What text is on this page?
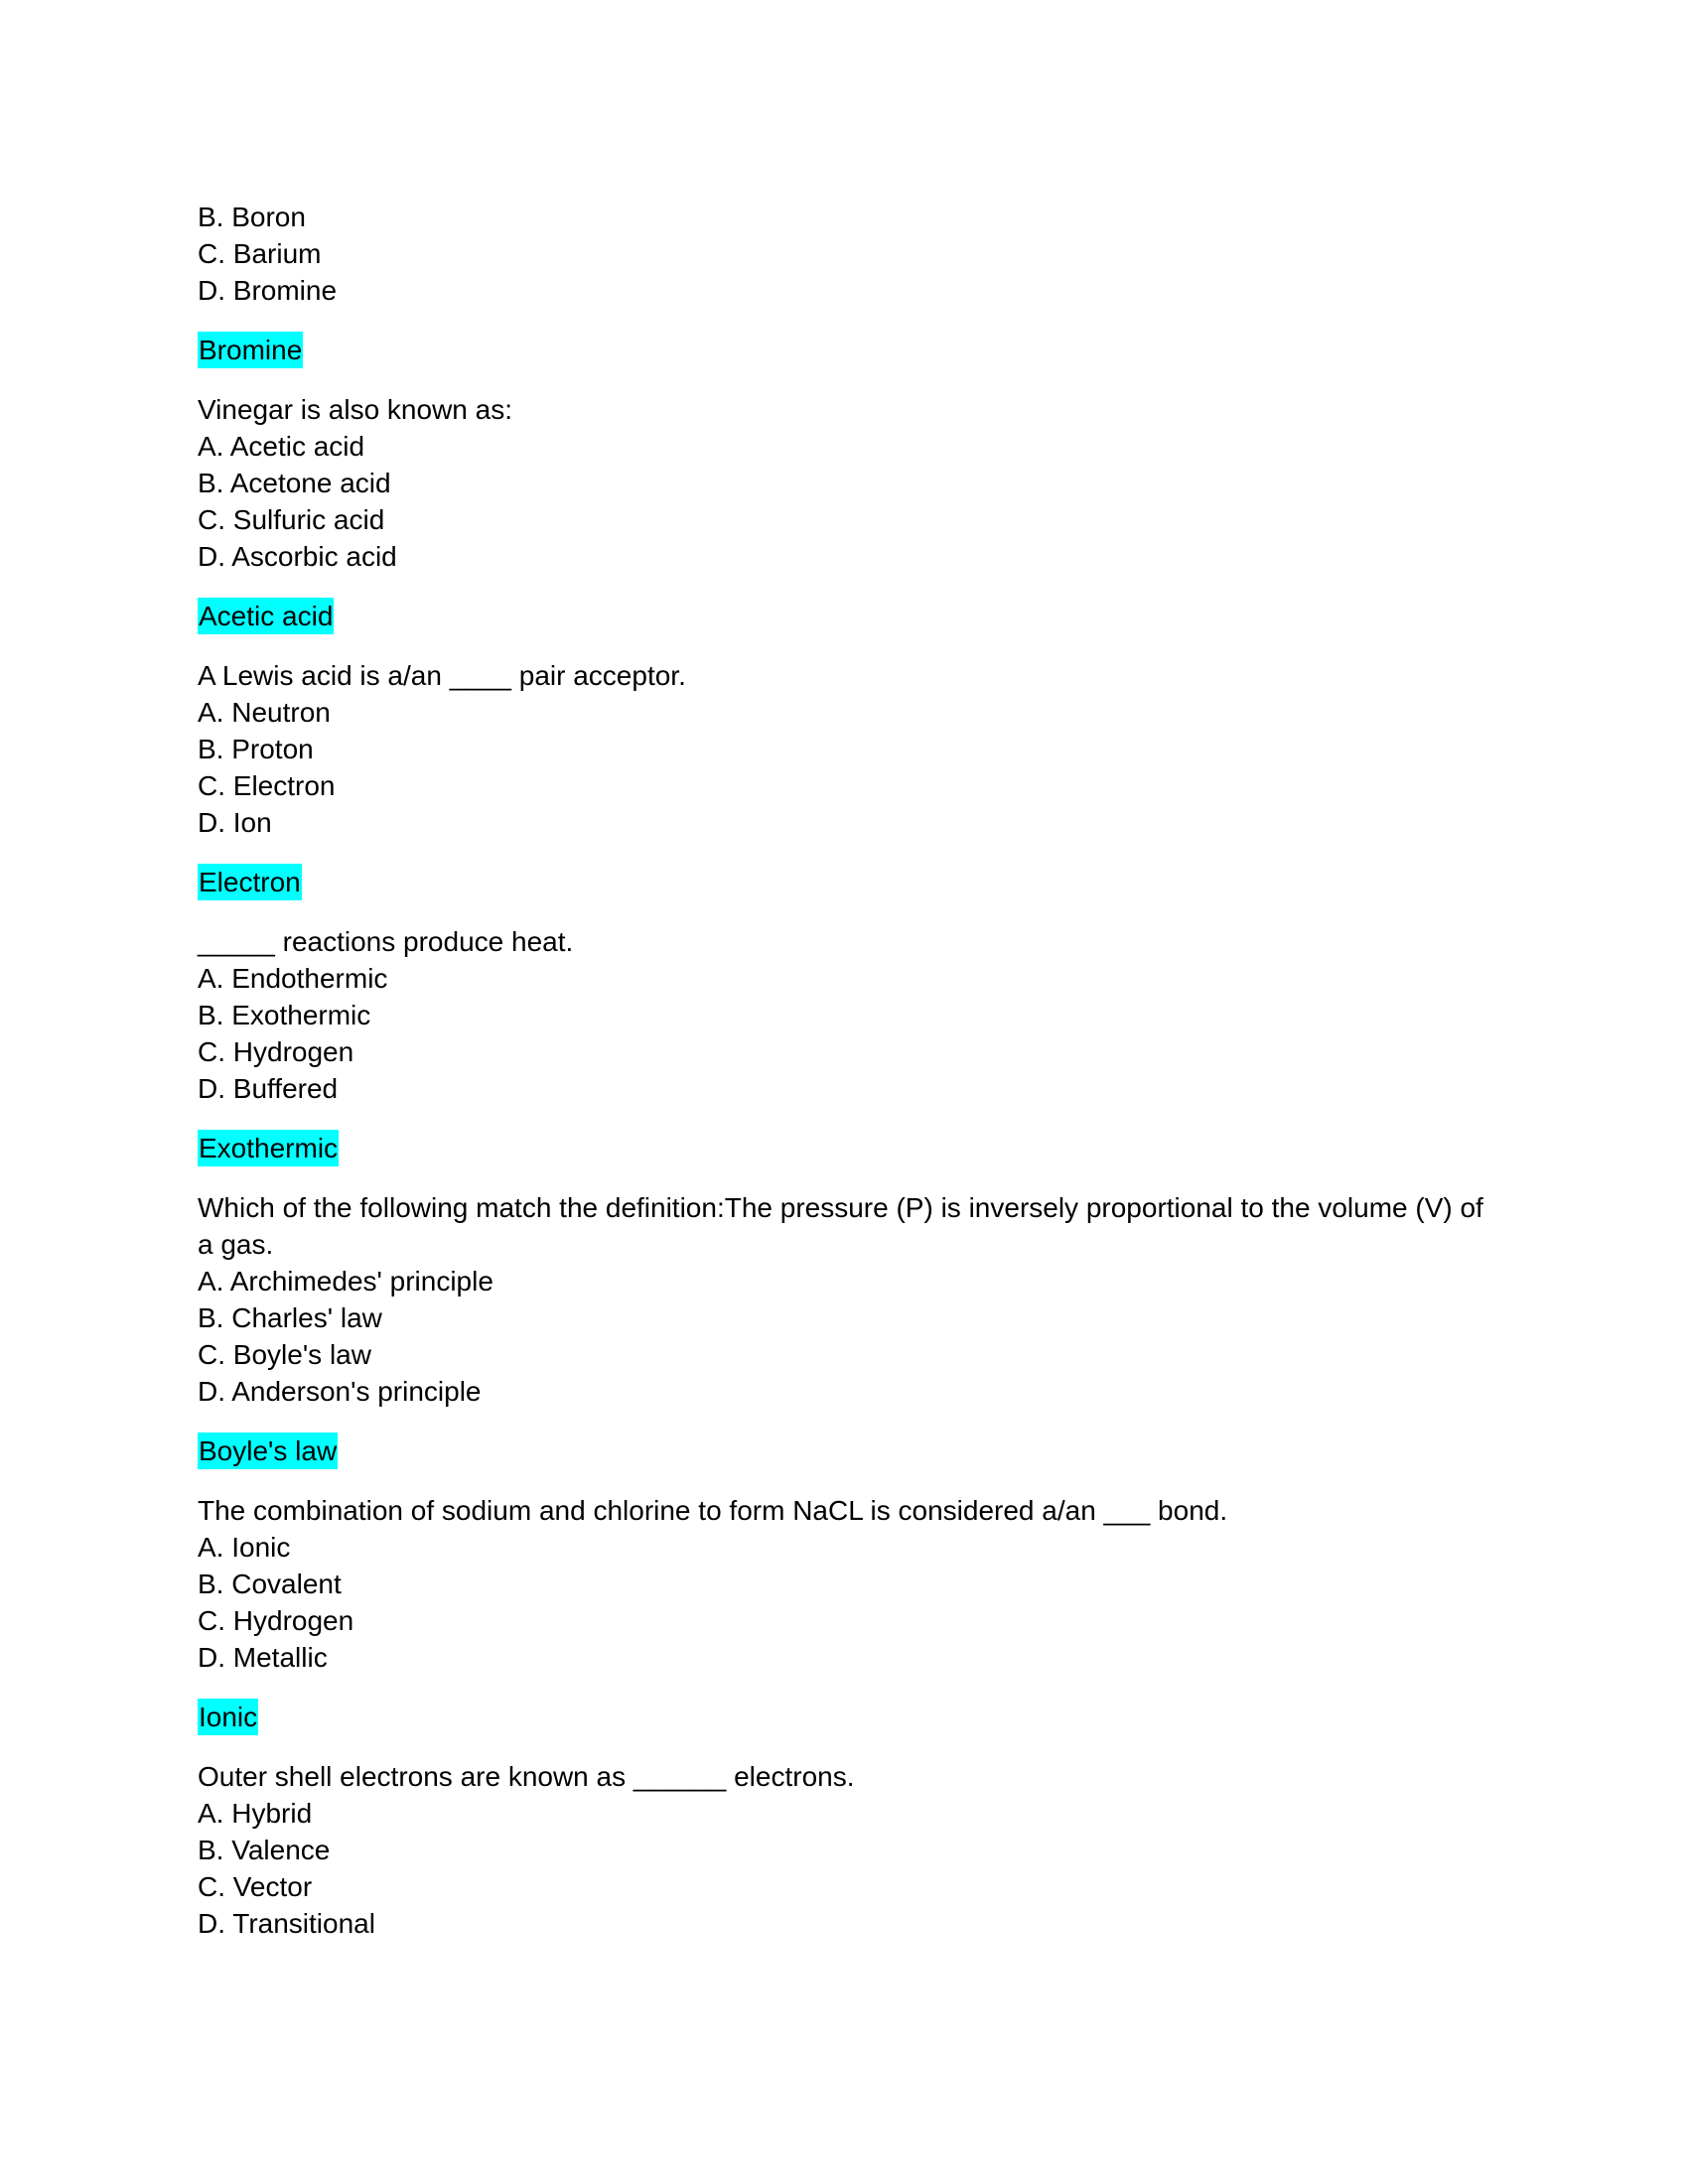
B. Boron
C. Barium
D. Bromine
Bromine
Vinegar is also known as:
A. Acetic acid
B. Acetone acid
C. Sulfuric acid
D. Ascorbic acid
Acetic acid
A Lewis acid is a/an ____ pair acceptor.
A. Neutron
B. Proton
C. Electron
D. Ion
Electron
_____ reactions produce heat.
A. Endothermic
B. Exothermic
C. Hydrogen
D. Buffered
Exothermic
Which of the following match the definition:The pressure (P) is inversely proportional to the volume (V) of a gas.
A. Archimedes' principle
B. Charles' law
C. Boyle's law
D. Anderson's principle
Boyle's law
The combination of sodium and chlorine to form NaCL is considered a/an ___ bond.
A. Ionic
B. Covalent
C. Hydrogen
D. Metallic
Ionic
Outer shell electrons are known as ______ electrons.
A. Hybrid
B. Valence
C. Vector
D. Transitional
